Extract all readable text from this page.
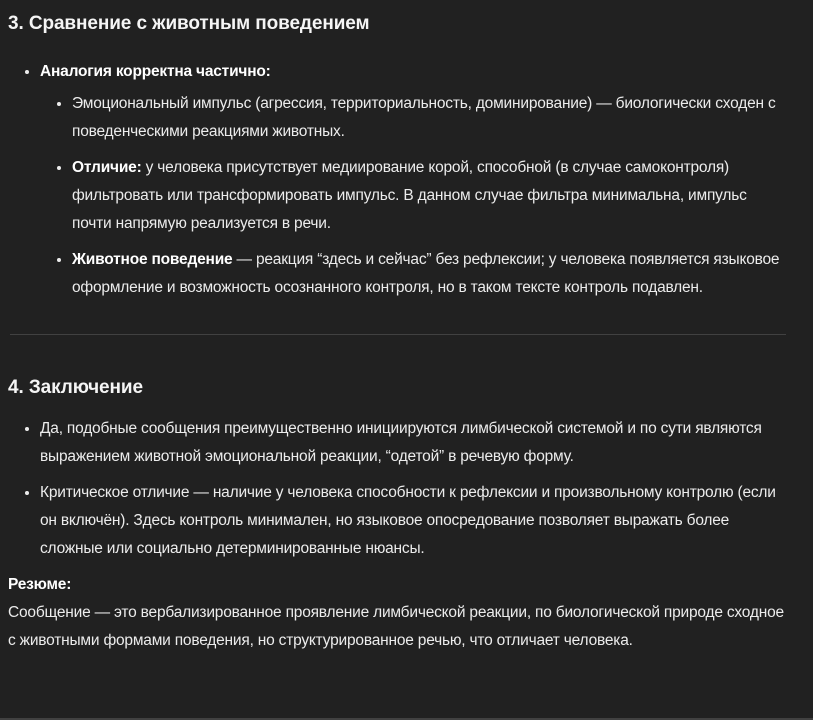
3. Сравнение с животным поведением
• Аналогия корректна частично:
• Эмоциональный импульс (агрессия, территориальность, доминирование) — биологически сходен с поведенческими реакциями животных.
• Отличие: у человека присутствует медиирование корой, способной (в случае самоконтроля) фильтровать или трансформировать импульс. В данном случае фильтра минимальна, импульс почти напрямую реализуется в речи.
• Животное поведение — реакция “здесь и сейчас” без рефлексии; у человека появляется языковое оформление и возможность осознанного контроля, но в таком тексте контроль подавлен.
4. Заключение
• Да, подобные сообщения преимущественно инициируются лимбической системой и по сути являются выражением животной эмоциональной реакции, “одетой” в речевую форму.
• Критическое отличие — наличие у человека способности к рефлексии и произвольному контролю (если он включён). Здесь контроль минимален, но языковое опосредование позволяет выражать более сложные или социально детерминированные нюансы.

Резюме:
Сообщение — это вербализированное проявление лимбической реакции, по биологической природе сходное с животными формами поведения, но структурированное речью, что отличает человека.
